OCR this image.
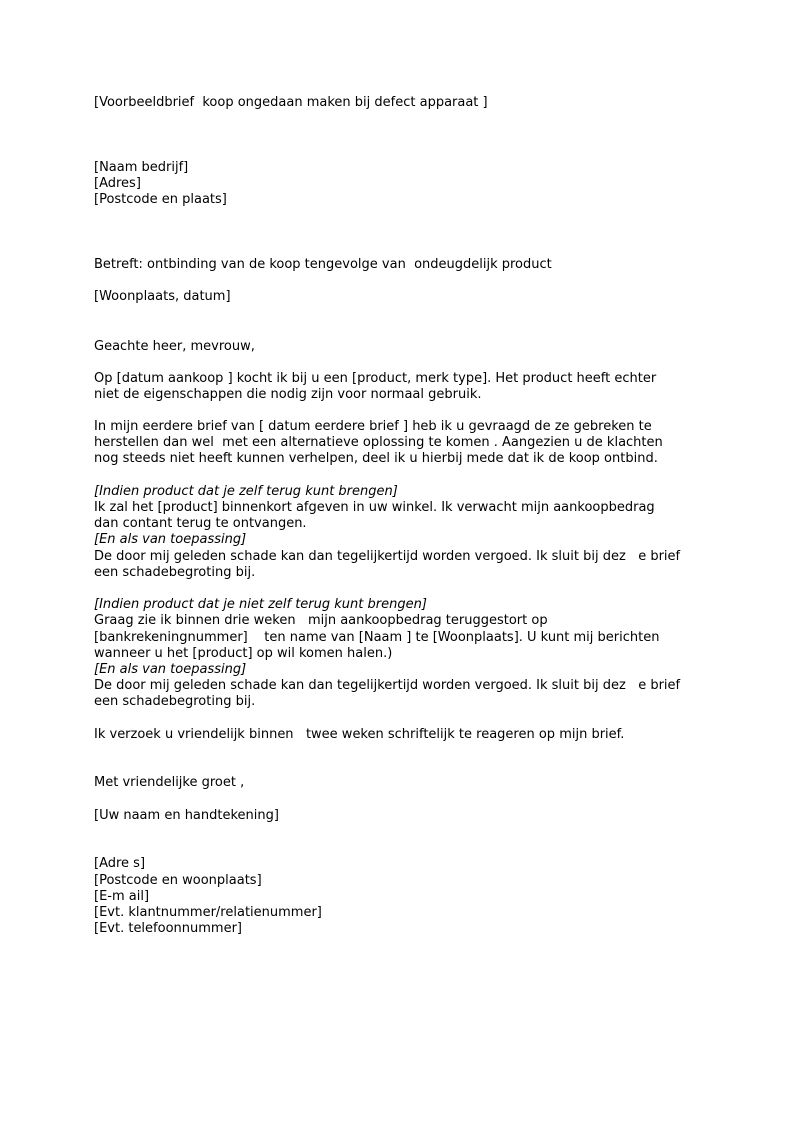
[Voorbeeldbrief  koop ongedaan maken bij defect apparaat ]

[Naam bedrijf]

[Adres]

[Postcode en plaats]

Betreft: ontbinding van de koop tengevolge van  ondeugdelijk product

[Woonplaats, datum]

Geachte heer, mevrouw,

Op [datum aankoop ] kocht ik bij u een [product, merk type]. Het product heeft echter

niet de eigenschappen die nodig zijn voor normaal gebruik.

In mijn eerdere brief van [ datum eerdere brief ] heb ik u gevraagd de ze gebreken te

herstellen dan wel  met een alternatieve oplossing te komen . Aangezien u de klachten

nog steeds niet heeft kunnen verhelpen, deel ik u hierbij mede dat ik de koop ontbind.

[Indien product dat je zelf terug kunt brengen]

Ik zal het [product] binnenkort afgeven in uw winkel. Ik verwacht mijn aankoopbedrag

dan contant terug te ontvangen.

[En als van toepassing]

De door mij geleden schade kan dan tegelijkertijd worden vergoed. Ik sluit bij dez   e brief

een schadebegroting bij.

[Indien product dat je niet zelf terug kunt brengen]

Graag zie ik binnen drie weken   mijn aankoopbedrag teruggestort op

[bankrekeningnummer]    ten name van [Naam ] te [Woonplaats]. U kunt mij berichten

wanneer u het [product] op wil komen halen.)

[En als van toepassing]

De door mij geleden schade kan dan tegelijkertijd worden vergoed. Ik sluit bij dez   e brief

een schadebegroting bij.

Ik verzoek u vriendelijk binnen   twee weken schriftelijk te reageren op mijn brief.

Met vriendelijke groet ,

[Uw naam en handtekening]

[Adre s]

[Postcode en woonplaats]

[E-m ail]

[Evt. klantnummer/relatienummer]

[Evt. telefoonnummer]
